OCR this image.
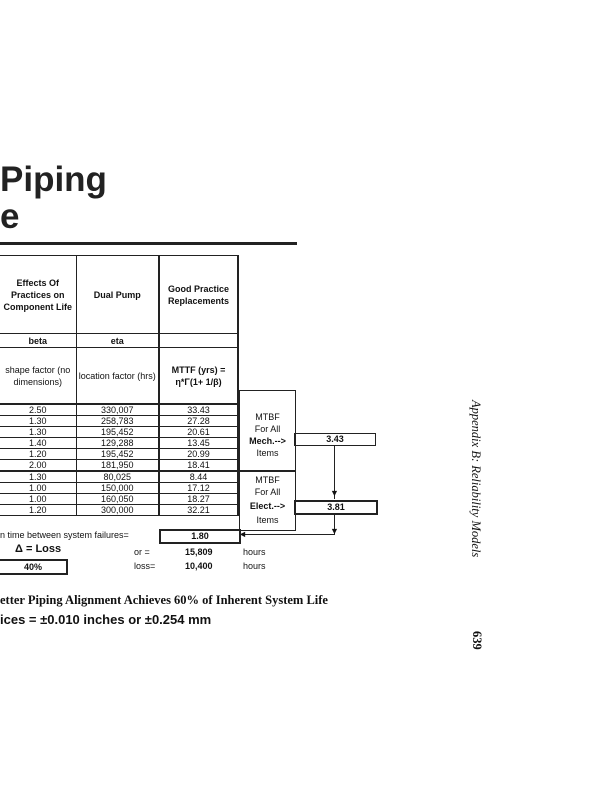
Piping
e
Effects Of Practices on Component Life	Dual Pump	Good Practice Replacements

beta	eta	

shape factor (no dimensions)	location factor (hrs)	MTTF (yrs) = η*Γ(1+ 1/β)

2.50	330,007	33.43
1.30	258,783	27.28
1.30	195,452	20.61
1.40	129,288	13.45
1.20	195,452	20.99
2.00	181,950	18.41
1.30	80,025	8.44
1.00	150,000	17.12
1.00	160,050	18.27
1.20	300,000	32.21
MTBF
For All
Mech.-->
Items
MTBF
For All
Elect.-->
Items
3.43
3.81
▼
▼
◄
n time between system failures=	1.80
Δ = Loss
40%
or =	15,809	hours
loss=	10,400	hours
etter Piping Alignment Achieves 60% of Inherent System Life
ices = ±0.010 inches or ±0.254 mm
Appendix B: Reliability Models
639
